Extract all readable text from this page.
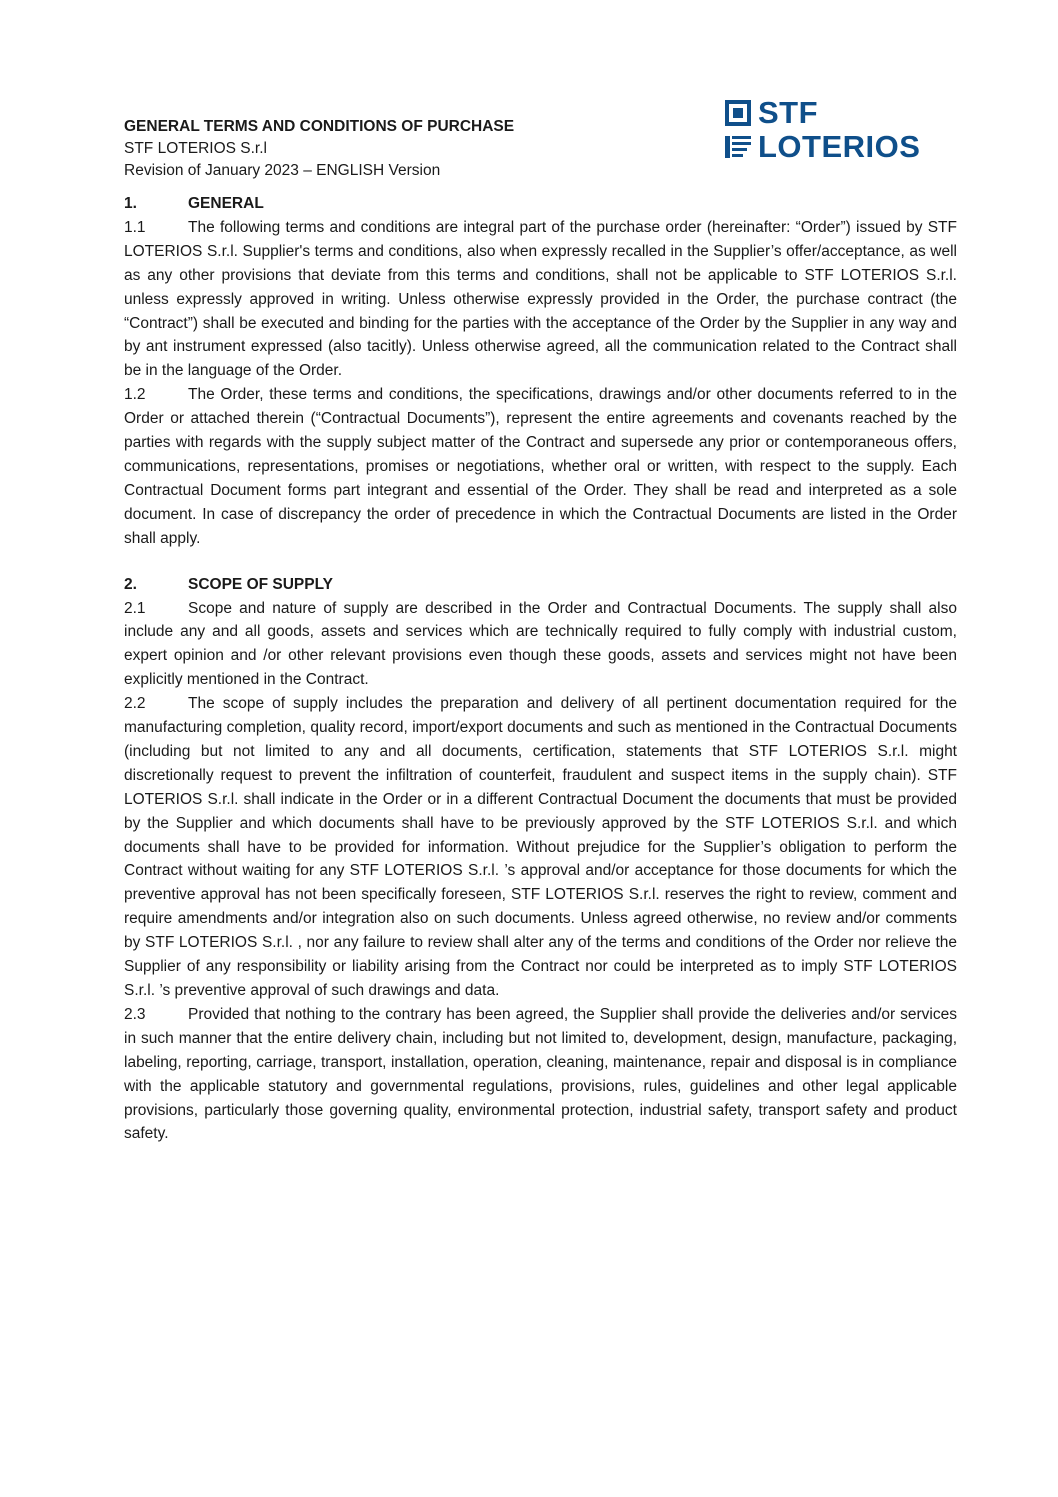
GENERAL TERMS AND CONDITIONS OF PURCHASE
STF LOTERIOS S.r.l
Revision of January 2023 – ENGLISH Version
STF
LOTERIOS
1.	GENERAL

1.1	The following terms and conditions are integral part of the purchase order (hereinafter: “Order”) issued by STF LOTERIOS S.r.l. Supplier's terms and conditions, also when expressly recalled in the Supplier’s offer/acceptance, as well as any other provisions that deviate from this terms and conditions, shall not be applicable to STF LOTERIOS S.r.l. unless expressly approved in writing. Unless otherwise expressly provided in the Order, the purchase contract (the “Contract”) shall be executed and binding for the parties with the acceptance of the Order by the Supplier in any way and by ant instrument expressed (also tacitly). Unless otherwise agreed, all the communication related to the Contract shall be in the language of the Order.

1.2	The Order, these terms and conditions, the specifications, drawings and/or other documents referred to in the Order or attached therein (“Contractual Documents”), represent the entire agreements and covenants reached by the parties with regards with the supply subject matter of the Contract and supersede any prior or contemporaneous offers, communications, representations, promises or negotiations, whether oral or written, with respect to the supply. Each Contractual Document forms part integrant and essential of the Order. They shall be read and interpreted as a sole document. In case of discrepancy the order of precedence in which the Contractual Documents are listed in the Order shall apply.

2.	SCOPE OF SUPPLY

2.1	Scope and nature of supply are described in the Order and Contractual Documents. The supply shall also include any and all goods, assets and services which are technically required to fully comply with industrial custom, expert opinion and /or other relevant provisions even though these goods, assets and services might not have been explicitly mentioned in the Contract.

2.2	The scope of supply includes the preparation and delivery of all pertinent documentation required for the manufacturing completion, quality record, import/export documents and such as mentioned in the Contractual Documents (including but not limited to any and all documents, certification, statements that STF LOTERIOS S.r.l. might discretionally request to prevent the infiltration of counterfeit, fraudulent and suspect items in the supply chain). STF LOTERIOS S.r.l. shall indicate in the Order or in a different Contractual Document the documents that must be provided by the Supplier and which documents shall have to be previously approved by the STF LOTERIOS S.r.l. and which documents shall have to be provided for information. Without prejudice for the Supplier’s obligation to perform the Contract without waiting for any STF LOTERIOS S.r.l. ’s approval and/or acceptance for those documents for which the preventive approval has not been specifically foreseen, STF LOTERIOS S.r.l. reserves the right to review, comment and require amendments and/or integration also on such documents. Unless agreed otherwise, no review and/or comments by STF LOTERIOS S.r.l. , nor any failure to review shall alter any of the terms and conditions of the Order nor relieve the Supplier of any responsibility or liability arising from the Contract nor could be interpreted as to imply STF LOTERIOS S.r.l. ’s preventive approval of such drawings and data.

2.3	Provided that nothing to the contrary has been agreed, the Supplier shall provide the deliveries and/or services in such manner that the entire delivery chain, including but not limited to, development, design, manufacture, packaging, labeling, reporting, carriage, transport, installation, operation, cleaning, maintenance, repair and disposal is in compliance with the applicable statutory and governmental regulations, provisions, rules, guidelines and other legal applicable provisions, particularly those governing quality, environmental protection, industrial safety, transport safety and product safety.
